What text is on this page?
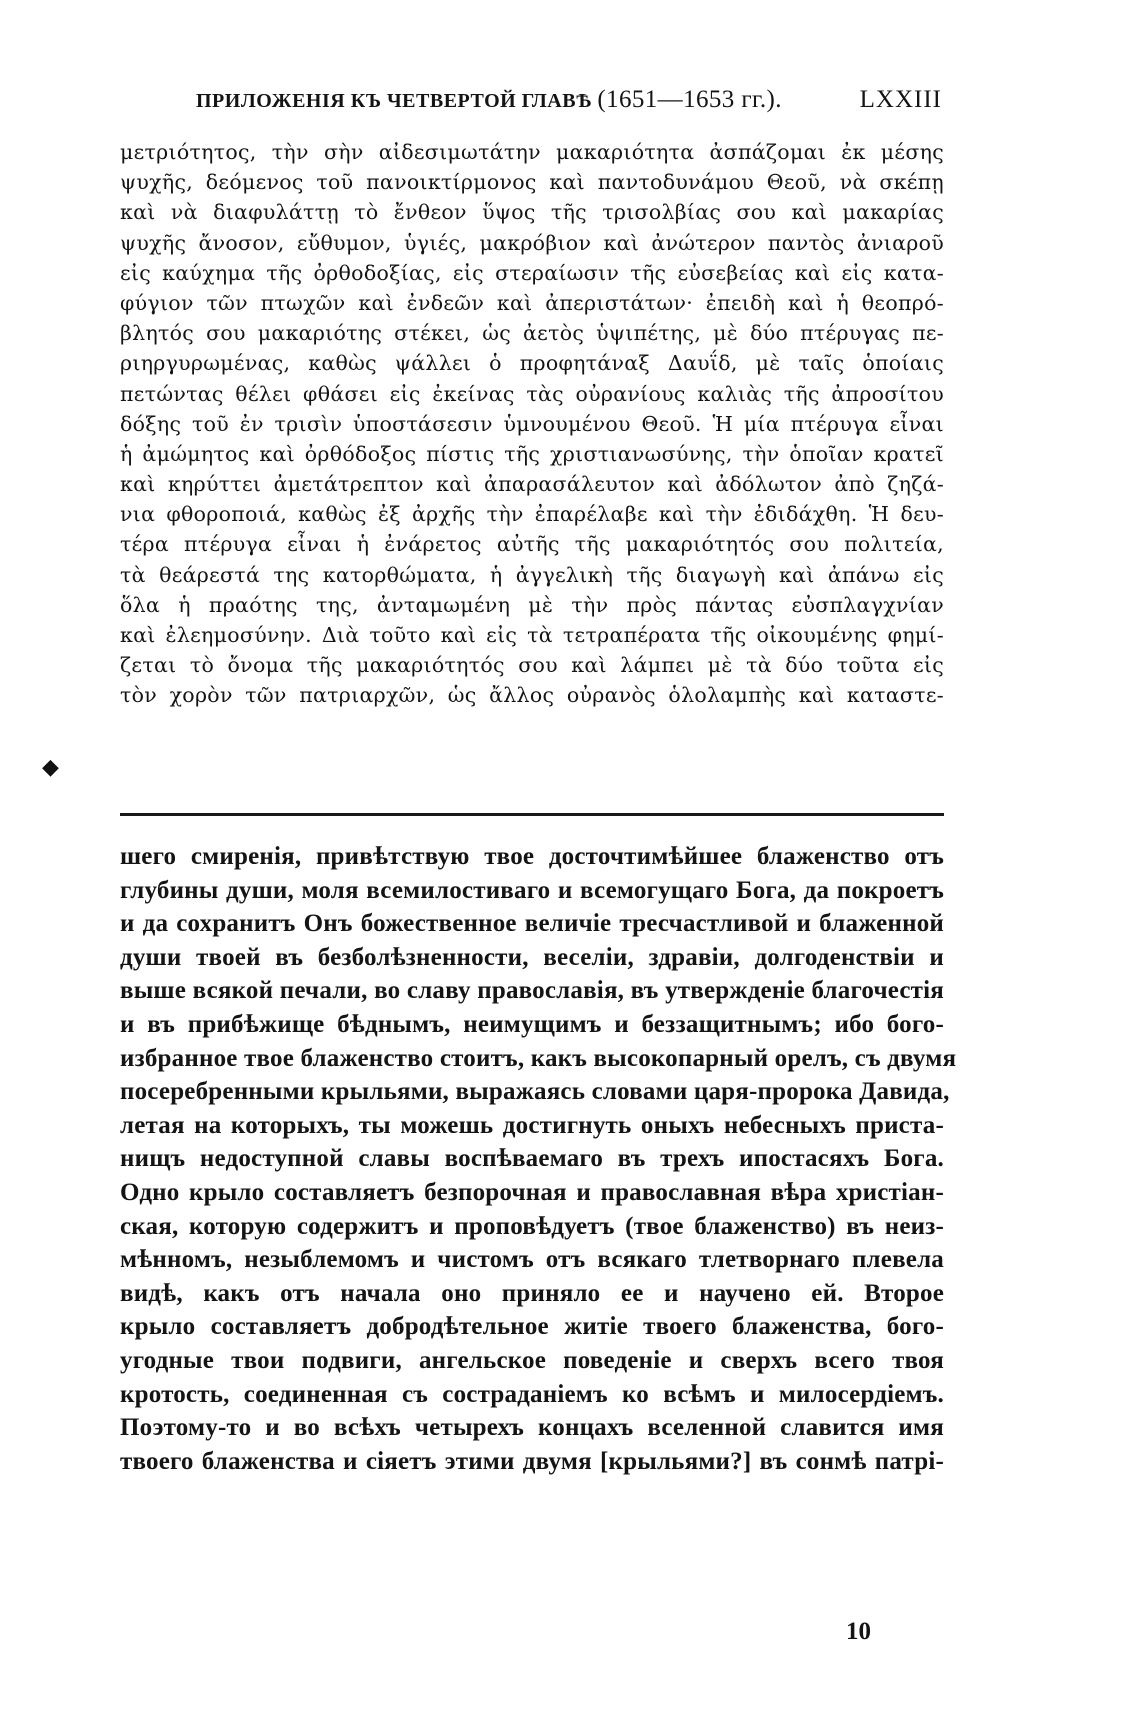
ПРИЛОЖЕНІЯ КЪ ЧЕТВЕРТОЙ ГЛАВѢ (1651—1653 гг.).	LXXIII
μετριότητος, τὴν σὴν αἰδεσιμωτάτην μακαριότητα ἀσπάζομαι ἐκ μέσης
ψυχῆς, δεόμενος τοῦ πανοικτίρμονος καὶ παντοδυνάμου Θεοῦ, νὰ σκέπῃ
καὶ νὰ διαφυλάττῃ τὸ ἔνθεον ὕψος τῆς τρισολβίας σου καὶ μακαρίας
ψυχῆς ἄνοσον, εὔθυμον, ὑγιές, μακρόβιον καὶ ἀνώτερον παντὸς ἀνιαροῦ
εἰς καύχημα τῆς ὀρθοδοξίας, εἰς στεραίωσιν τῆς εὐσεβείας καὶ εἰς κατα-
φύγιον τῶν πτωχῶν καὶ ἐνδεῶν καὶ ἀπεριστάτων· ἐπειδὴ καὶ ἡ θεοπρό-
βλητός σου μακαριότης στέκει, ὡς ἀετὸς ὑψιπέτης, μὲ δύο πτέρυγας πε-
ριηργυρωμένας, καθὼς ψάλλει ὁ προφητάναξ Δαυΐδ, μὲ ταῖς ὁποίαις
πετώντας θέλει φθάσει εἰς ἐκείνας τὰς οὐρανίους καλιὰς τῆς ἀπροσίτου
δόξης τοῦ ἐν τρισὶν ὑποστάσεσιν ὑμνουμένου Θεοῦ. Ἡ μία πτέρυγα εἶναι
ἡ ἀμώμητος καὶ ὀρθόδοξος πίστις τῆς χριστιανωσύνης, τὴν ὁποῖαν κρατεῖ
καὶ κηρύττει ἀμετάτρεπτον καὶ ἀπαρασάλευτον καὶ ἀδόλωτον ἀπὸ ζηζά-
νια φθοροποιά, καθὼς ἐξ ἀρχῆς τὴν ἐπαρέλαβε καὶ τὴν ἐδιδάχθη. Ἡ δευ-
τέρα πτέρυγα εἶναι ἡ ἐνάρετος αὐτῆς τῆς μακαριότητός σου πολιτεία,
τὰ θεάρεστά της κατορθώματα, ἡ ἀγγελικὴ τῆς διαγωγὴ καὶ ἀπάνω εἰς
ὅλα ἡ πραότης της, ἀνταμωμένη μὲ τὴν πρὸς πάντας εὐσπλαγχνίαν
καὶ ἐλεημοσύνην. Διὰ τοῦτο καὶ εἰς τὰ τετραπέρατα τῆς οἰκουμένης φημί-
ζεται τὸ ὄνομα τῆς μακαριότητός σου καὶ λάμπει μὲ τὰ δύο τοῦτα εἰς
τὸν χορὸν τῶν πατριαρχῶν, ὡς ἄλλος οὐρανὸς ὁλολαμπὴς καὶ καταστε-
◆
шего смиренія, привѣтствую твое досточтимѣйшее блаженство отъ
глубины души, моля всемилостиваго и всемогущаго Бога, да покроетъ
и да сохранитъ Онъ божественное величіе тресчастливой и блаженной
души твоей въ безболѣзненности, веселіи, здравіи, долгоденствіи и
выше всякой печали, во славу православія, въ утвержденіе благочестія
и въ прибѣжище бѣднымъ, неимущимъ и беззащитнымъ; ибо бого-
избранное твое блаженство стоитъ, какъ высокопарный орелъ, съ двумя
посеребренными крыльями, выражаясь словами царя-пророка Давида,
летая на которыхъ, ты можешь достигнуть оныхъ небесныхъ приста-
нищъ недоступной славы воспѣваемаго въ трехъ ипостасяхъ Бога.
Одно крыло составляетъ безпорочная и православная вѣра христіан-
ская, которую содержитъ и проповѣдуетъ (твое блаженство) въ неиз-
мѣнномъ, незыблемомъ и чистомъ отъ всякаго тлетворнаго плевела
видѣ, какъ отъ начала оно приняло ее и научено ей. Второе
крыло составляетъ добродѣтельное житіе твоего блаженства, бого-
угодные твои подвиги, ангельское поведеніе и сверхъ всего твоя
кротость, соединенная съ состраданіемъ ко всѣмъ и милосердіемъ.
Поэтому-то и во всѣхъ четырехъ концахъ вселенной славится имя
твоего блаженства и сіяетъ этими двумя [крыльями?] въ сонмѣ патрі-
10
